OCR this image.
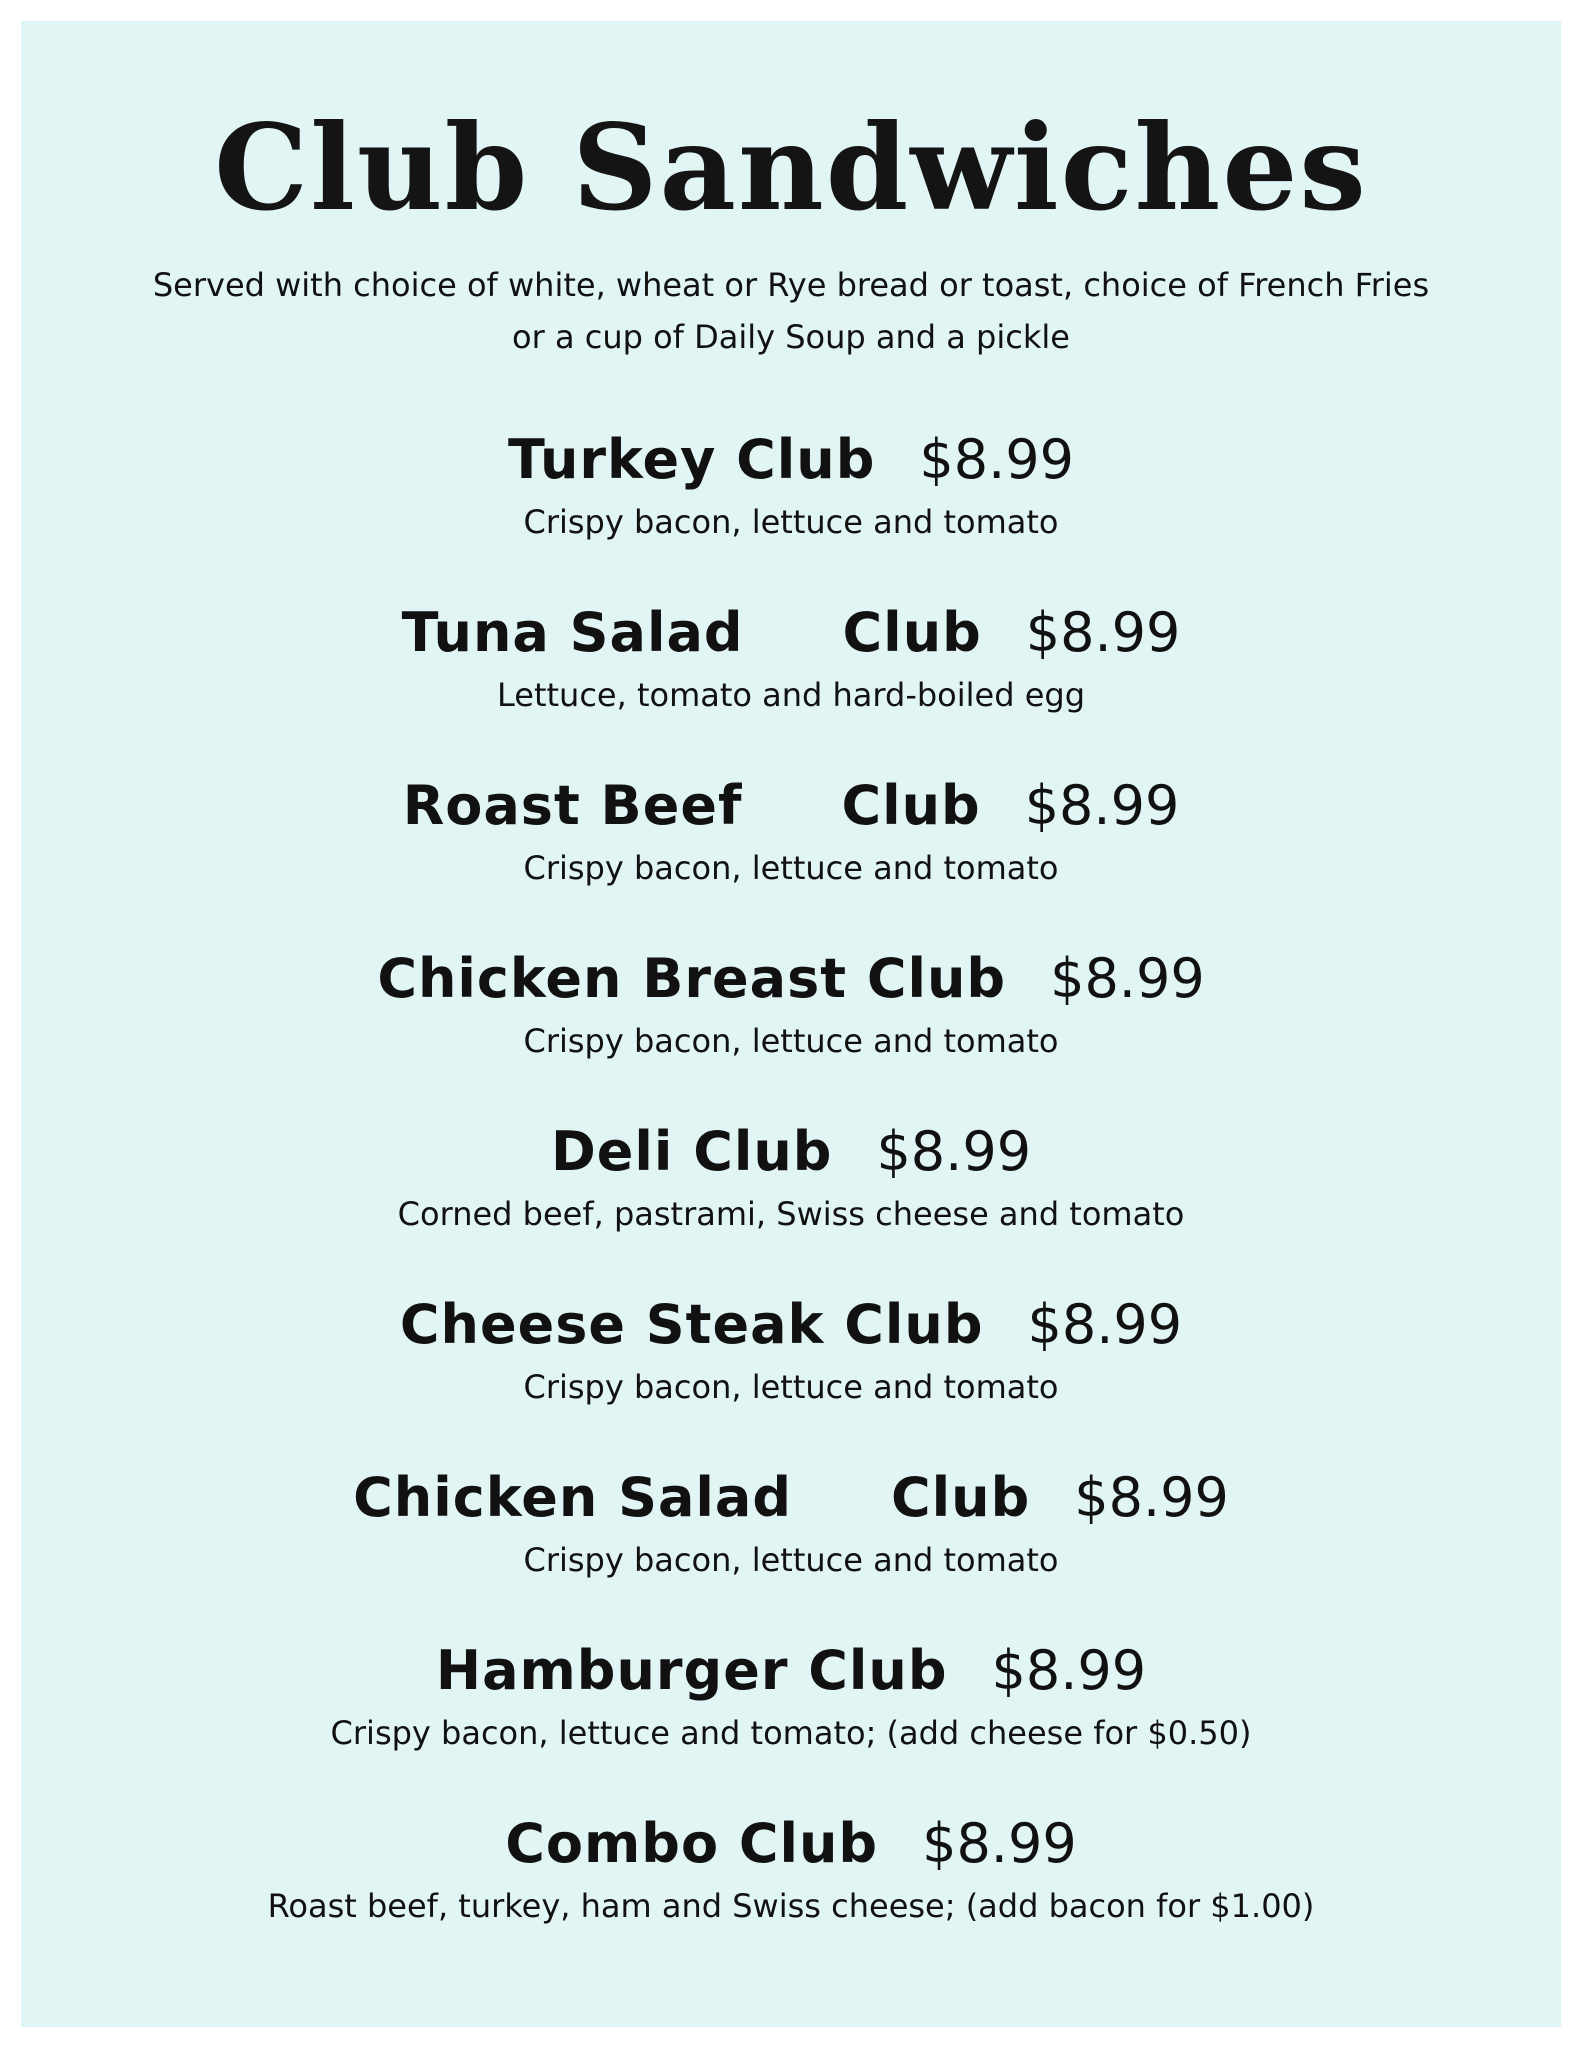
Club Sandwiches
Served with choice of white, wheat or Rye bread or toast, choice of French Fries
or a cup of Daily Soup and a pickle
Turkey Club $8.99
Crispy bacon, lettuce and tomato
Tuna Salad     Club $8.99
Lettuce, tomato and hard-boiled egg
Roast Beef     Club $8.99
Crispy bacon, lettuce and tomato
Chicken Breast Club $8.99
Crispy bacon, lettuce and tomato
Deli Club $8.99
Corned beef, pastrami, Swiss cheese and tomato
Cheese Steak Club $8.99
Crispy bacon, lettuce and tomato
Chicken Salad     Club $8.99
Crispy bacon, lettuce and tomato
Hamburger Club $8.99
Crispy bacon, lettuce and tomato; (add cheese for $0.50)
Combo Club $8.99
Roast beef, turkey, ham and Swiss cheese; (add bacon for $1.00)
